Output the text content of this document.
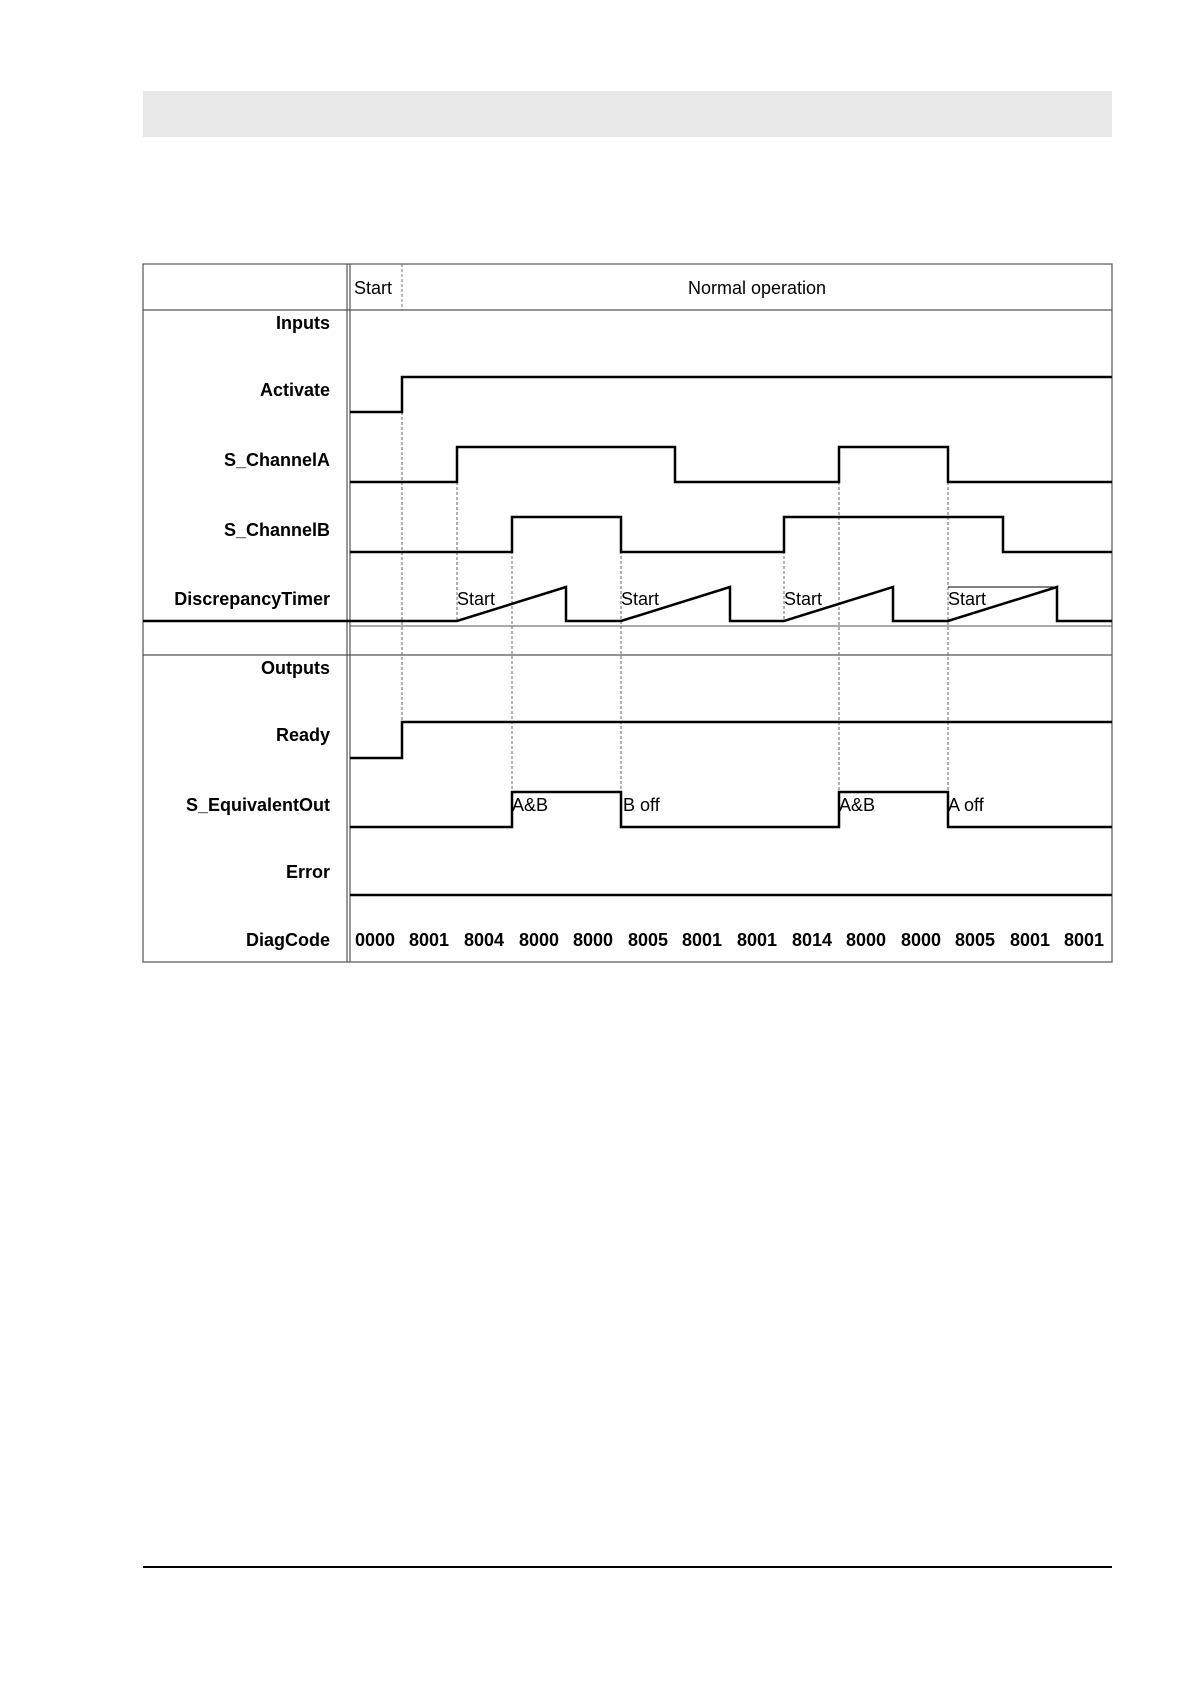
Start	Normal operation
Inputs
Activate
S_ChannelA
S_ChannelB
DiscrepancyTimer
Outputs
Ready
S_EquivalentOut
Error
DiagCode
Start	Start	Start	Start
A&B	B off	A&B	A off
0000 8001 8004 8000 8000 8005 8001 8001 8014 8000 8000 8005 8001 8001
